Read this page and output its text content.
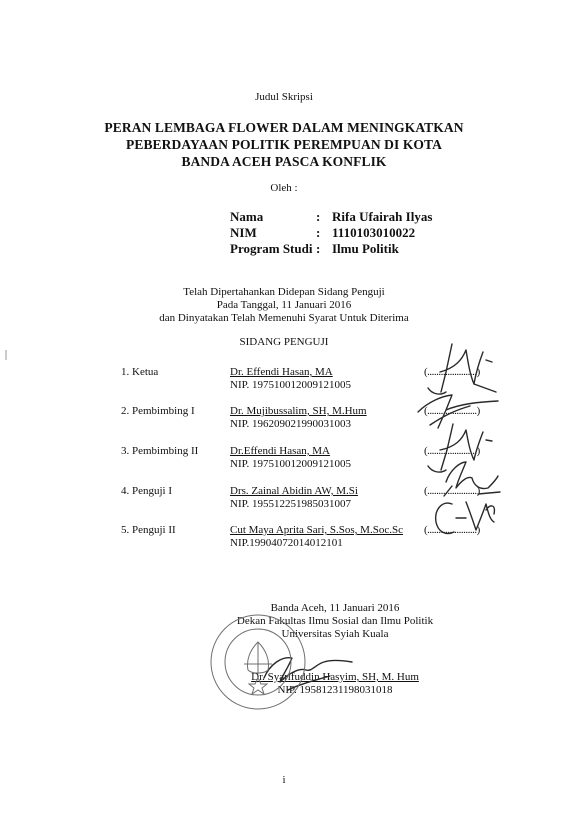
Judul Skripsi
PERAN LEMBAGA FLOWER DALAM MENINGKATKAN
PEBERDAYAAN POLITIK PEREMPUAN DI KOTA
BANDA ACEH PASCA KONFLIK
Oleh :
Nama	: Rifa Ufairah Ilyas
NIM	: 1110103010022
Program Studi : Ilmu Politik
Telah Dipertahankan Didepan Sidang Penguji
Pada Tanggal, 11 Januari 2016
dan Dinyatakan Telah Memenuhi Syarat Untuk Diterima
SIDANG PENGUJI
1. Ketua	Dr. Effendi Hasan, MA
NIP. 197510012009121005
(......................)
2. Pembimbing I	Dr. Mujibussalim, SH, M.Hum
NIP. 196209021990031003
(......................)
3. Pembimbing II	Dr.Effendi Hasan, MA
NIP. 197510012009121005
(......................)
4. Penguji I	Drs. Zainal Abidin AW, M.Si
NIP. 195512251985031007
(......................)
5. Penguji II	Cut Maya Aprita Sari, S.Sos, M.Soc.Sc
NIP.19904072014012101
(......................)
Banda Aceh, 11 Januari 2016
Dekan Fakultas Ilmu Sosial dan Ilmu Politik
Universitas Syiah Kuala
Dr. Syarifuddin Hasyim, SH, M. Hum
NIP. 19581231198031018
i
